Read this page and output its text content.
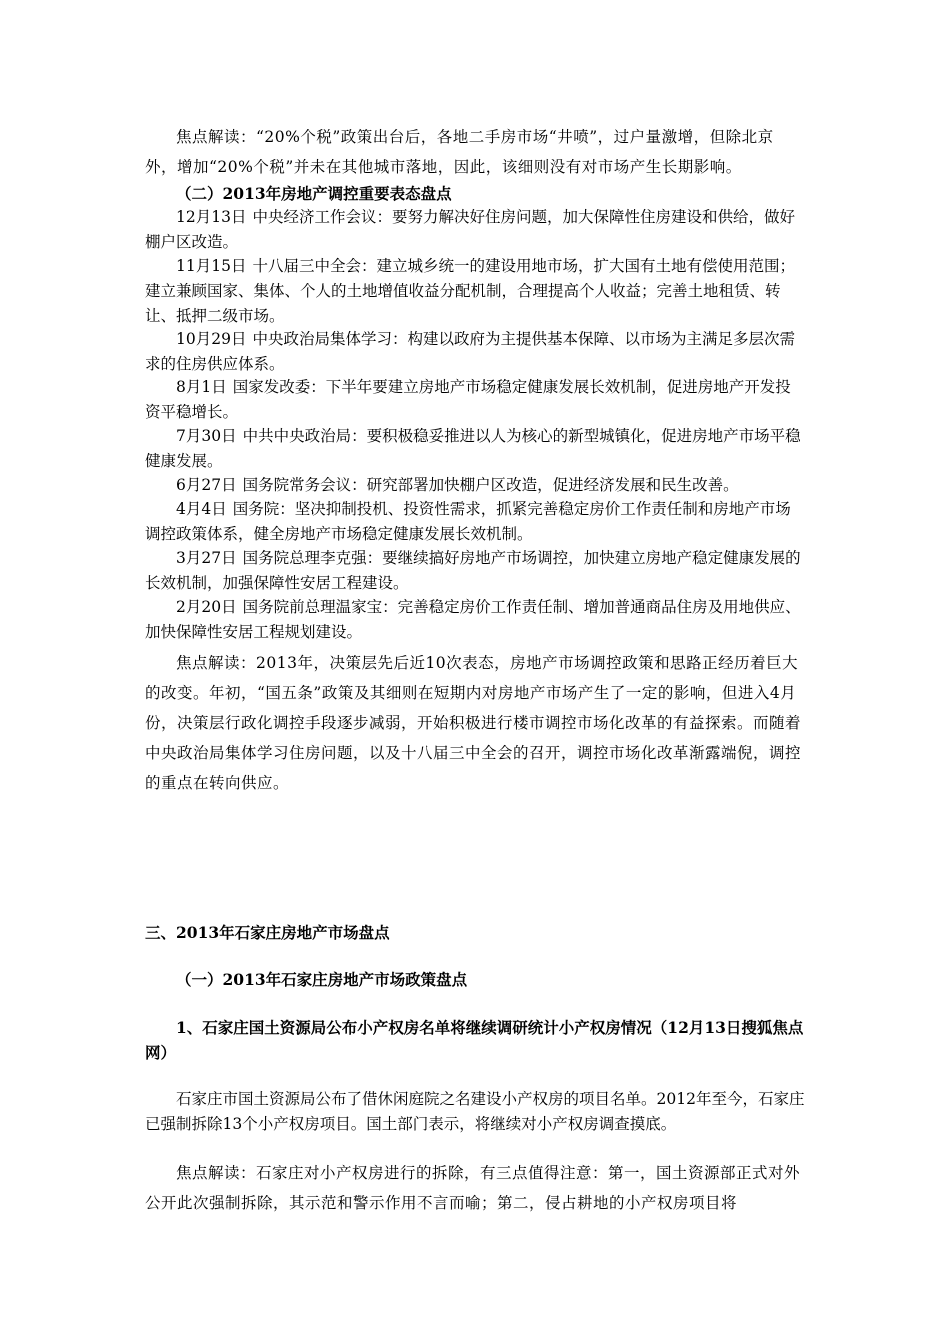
焦点解读：“20%个税”政策出台后，各地二手房市场“井喷”，过户量激增，但除北京外，增加“20%个税”并未在其他城市落地，因此，该细则没有对市场产生长期影响。

（二）2013年房地产调控重要表态盘点

12月13日 中央经济工作会议：要努力解决好住房问题，加大保障性住房建设和供给，做好棚户区改造。

11月15日 十八届三中全会：建立城乡统一的建设用地市场，扩大国有土地有偿使用范围；建立兼顾国家、集体、个人的土地增值收益分配机制，合理提高个人收益；完善土地租赁、转让、抵押二级市场。

10月29日 中央政治局集体学习：构建以政府为主提供基本保障、以市场为主满足多层次需求的住房供应体系。

8月1日 国家发改委：下半年要建立房地产市场稳定健康发展长效机制，促进房地产开发投资平稳增长。

7月30日 中共中央政治局：要积极稳妥推进以人为核心的新型城镇化，促进房地产市场平稳健康发展。

6月27日 国务院常务会议：研究部署加快棚户区改造，促进经济发展和民生改善。

4月4日 国务院：坚决抑制投机、投资性需求，抓紧完善稳定房价工作责任制和房地产市场调控政策体系，健全房地产市场稳定健康发展长效机制。

3月27日 国务院总理李克强：要继续搞好房地产市场调控，加快建立房地产稳定健康发展的长效机制，加强保障性安居工程建设。

2月20日 国务院前总理温家宝：完善稳定房价工作责任制、增加普通商品住房及用地供应、加快保障性安居工程规划建设。

焦点解读：2013年，决策层先后近10次表态，房地产市场调控政策和思路正经历着巨大的改变。年初，“国五条”政策及其细则在短期内对房地产市场产生了一定的影响，但进入4月份，决策层行政化调控手段逐步减弱，开始积极进行楼市调控市场化改革的有益探索。而随着中央政治局集体学习住房问题，以及十八届三中全会的召开，调控市场化改革渐露端倪，调控的重点在转向供应。

三、2013年石家庄房地产市场盘点

（一）2013年石家庄房地产市场政策盘点

1、石家庄国土资源局公布小产权房名单将继续调研统计小产权房情况（12月13日搜狐焦点网）

石家庄市国土资源局公布了借休闲庭院之名建设小产权房的项目名单。2012年至今，石家庄已强制拆除13个小产权房项目。国土部门表示，将继续对小产权房调查摸底。

焦点解读：石家庄对小产权房进行的拆除，有三点值得注意：第一，国土资源部正式对外公开此次强制拆除，其示范和警示作用不言而喻；第二，侵占耕地的小产权房项目将
